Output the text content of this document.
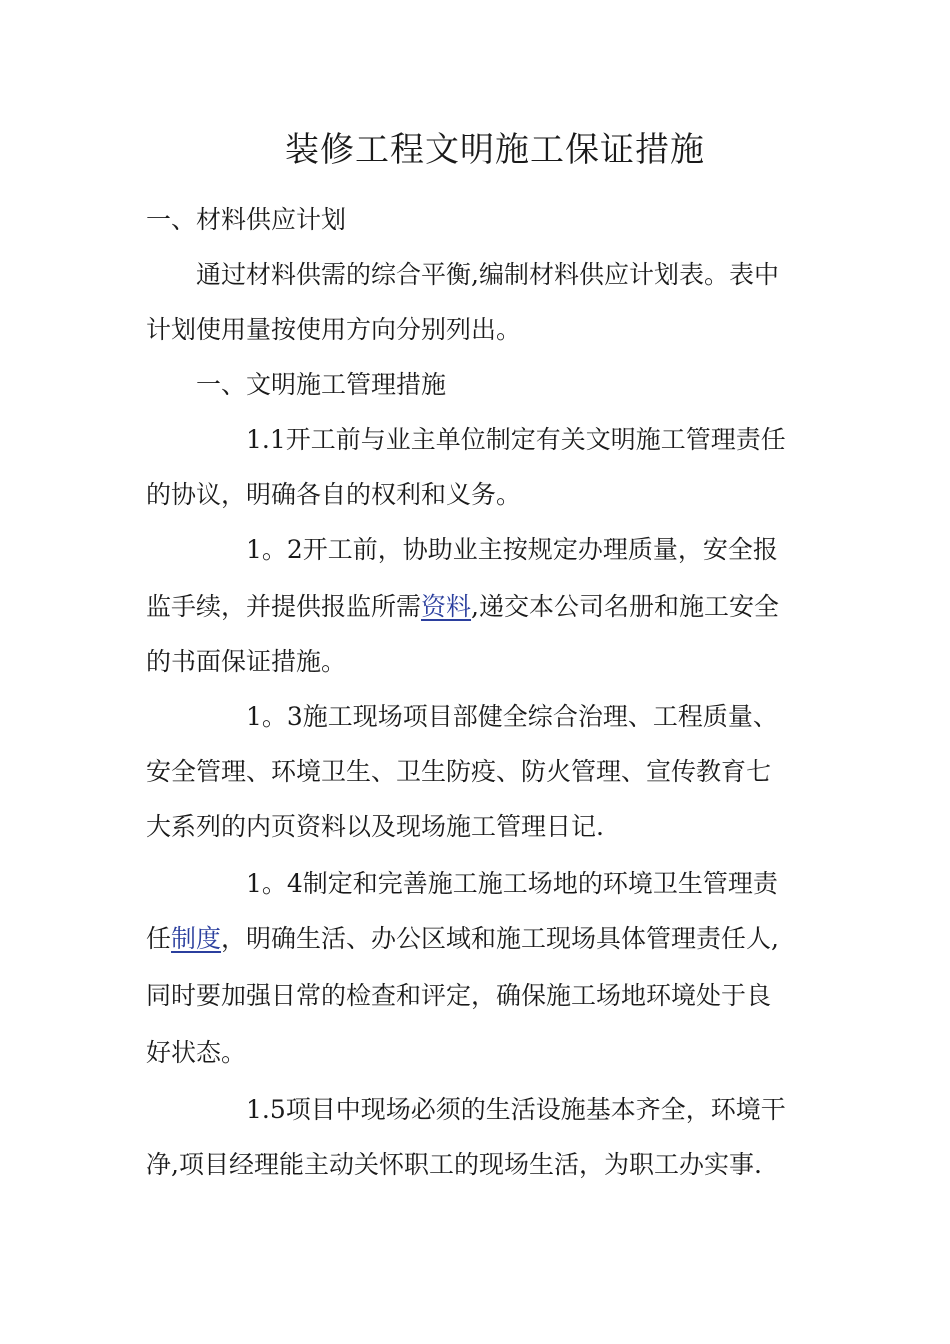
装修工程文明施工保证措施
一、材料供应计划
通过材料供需的综合平衡,编制材料供应计划表。表中
计划使用量按使用方向分别列出。
一、文明施工管理措施
1.1开工前与业主单位制定有关文明施工管理责任
的协议，明确各自的权利和义务。
1。2开工前，协助业主按规定办理质量，安全报
监手续，并提供报监所需资料,递交本公司名册和施工安全
的书面保证措施。
1。3施工现场项目部健全综合治理、工程质量、
安全管理、环境卫生、卫生防疫、防火管理、宣传教育七
大系列的内页资料以及现场施工管理日记.
1。4制定和完善施工施工场地的环境卫生管理责
任制度，明确生活、办公区域和施工现场具体管理责任人,
同时要加强日常的检查和评定，确保施工场地环境处于良
好状态。
1.5项目中现场必须的生活设施基本齐全，环境干
净,项目经理能主动关怀职工的现场生活，为职工办实事.
